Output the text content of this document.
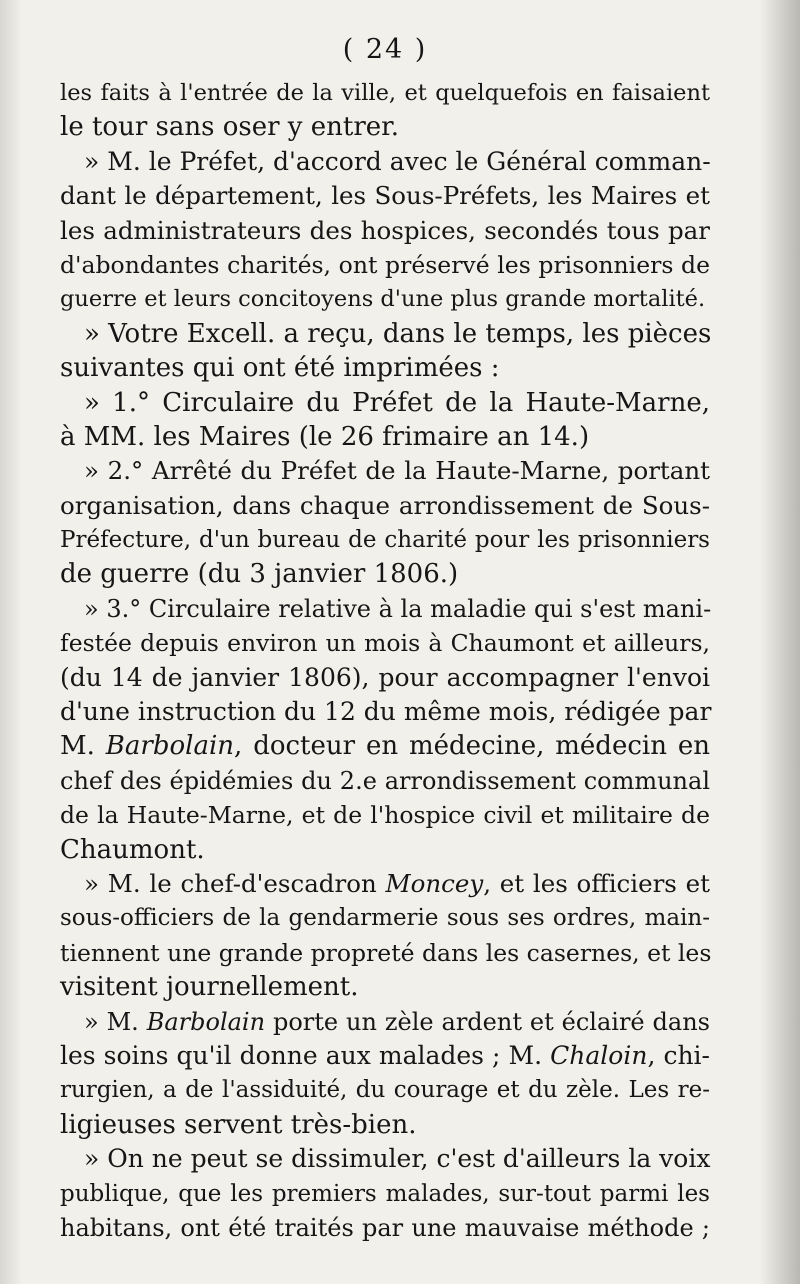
( 24 )
les faits à l'entrée de la ville, et quelquefois en faisaient
le tour sans oser y entrer.
» M. le Préfet, d'accord avec le Général comman-
dant le département, les Sous-Préfets, les Maires et
les administrateurs des hospices, secondés tous par
d'abondantes charités, ont préservé les prisonniers de
guerre et leurs concitoyens d'une plus grande mortalité.
» Votre Excell. a reçu, dans le temps, les pièces
suivantes qui ont été imprimées :
» 1.° Circulaire du Préfet de la Haute-Marne,
à MM. les Maires (le 26 frimaire an 14.)
» 2.° Arrêté du Préfet de la Haute-Marne, portant
organisation, dans chaque arrondissement de Sous-
Préfecture, d'un bureau de charité pour les prisonniers
de guerre (du 3 janvier 1806.)
» 3.° Circulaire relative à la maladie qui s'est mani-
festée depuis environ un mois à Chaumont et ailleurs,
(du 14 de janvier 1806), pour accompagner l'envoi
d'une instruction du 12 du même mois, rédigée par
M. Barbolain, docteur en médecine, médecin en
chef des épidémies du 2.e arrondissement communal
de la Haute-Marne, et de l'hospice civil et militaire de
Chaumont.
» M. le chef-d'escadron Moncey, et les officiers et
sous-officiers de la gendarmerie sous ses ordres, main-
tiennent une grande propreté dans les casernes, et les
visitent journellement.
» M. Barbolain porte un zèle ardent et éclairé dans
les soins qu'il donne aux malades ; M. Chaloin, chi-
rurgien, a de l'assiduité, du courage et du zèle. Les re-
ligieuses servent très-bien.
» On ne peut se dissimuler, c'est d'ailleurs la voix
publique, que les premiers malades, sur-tout parmi les
habitans, ont été traités par une mauvaise méthode ;
